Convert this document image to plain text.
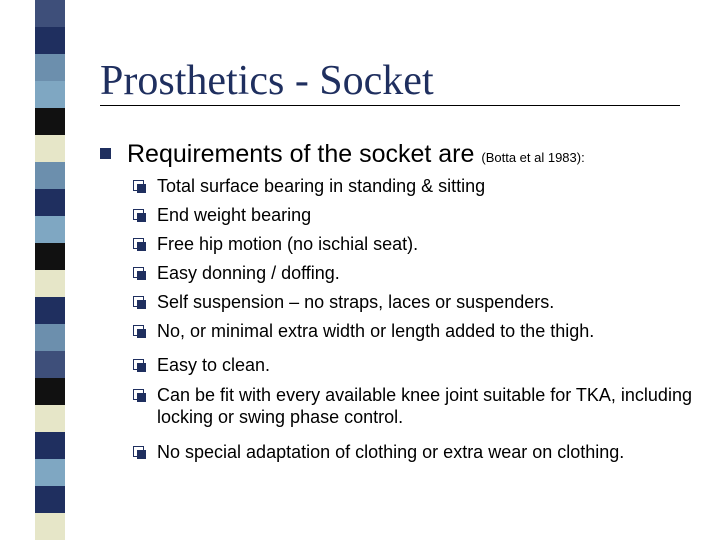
Prosthetics - Socket
Requirements of the socket are (Botta et al 1983):
Total surface bearing in standing & sitting
End weight bearing
Free hip motion (no ischial seat).
Easy donning / doffing.
Self suspension – no straps, laces or suspenders.
No, or minimal extra width or length added to the thigh.
Easy to clean.
Can be fit with every available knee joint suitable for TKA, including locking or swing phase control.
No special adaptation of clothing or extra wear on clothing.
